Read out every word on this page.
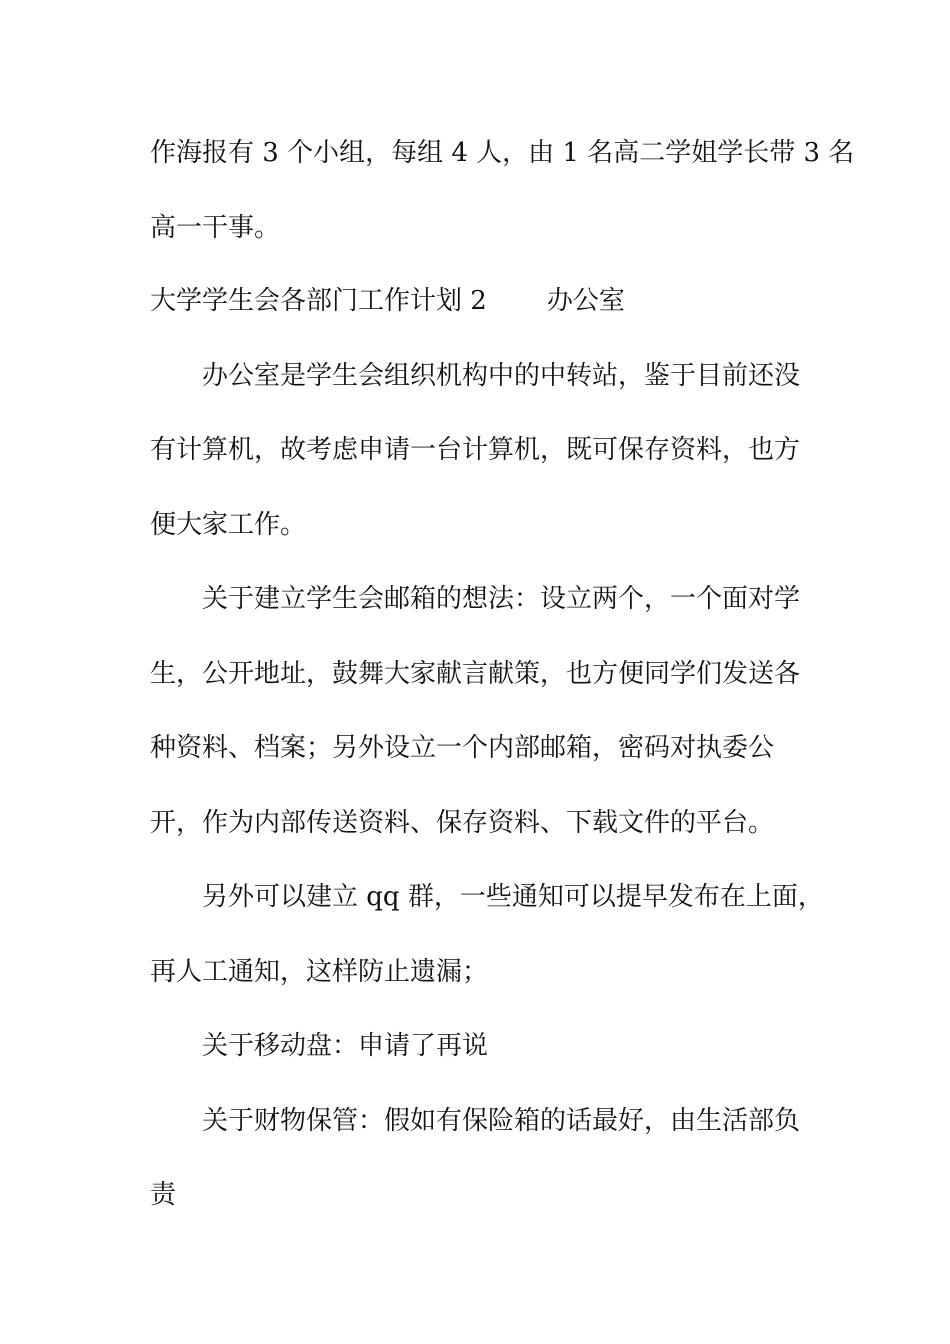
作海报有 3 个小组，每组 4 人，由 1 名高二学姐学长带 3 名
高一干事。
大学学生会各部门工作计划 2 办公室
办公室是学生会组织机构中的中转站，鉴于目前还没
有计算机，故考虑申请一台计算机，既可保存资料，也方
便大家工作。
关于建立学生会邮箱的想法：设立两个，一个面对学
生，公开地址，鼓舞大家献言献策，也方便同学们发送各
种资料、档案；另外设立一个内部邮箱，密码对执委公
开，作为内部传送资料、保存资料、下载文件的平台。
另外可以建立 qq 群，一些通知可以提早发布在上面，
再人工通知，这样防止遗漏；
关于移动盘：申请了再说
关于财物保管：假如有保险箱的话最好，由生活部负
责
